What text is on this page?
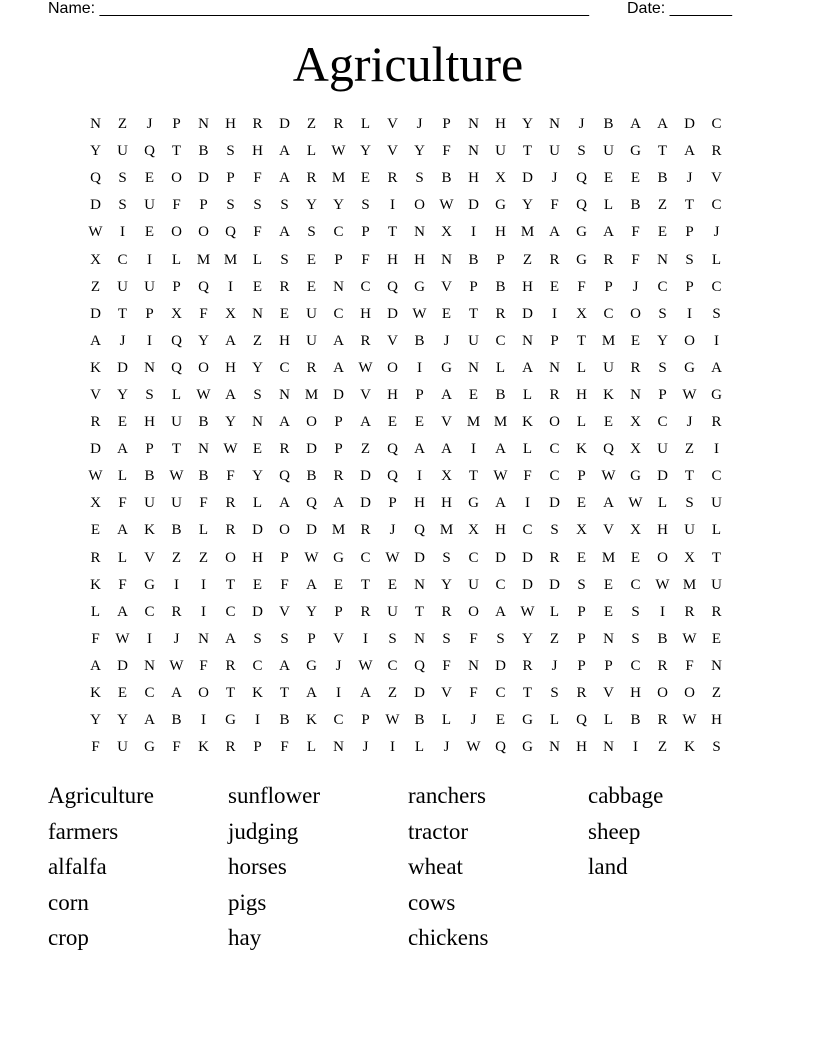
Name: _______________________________________________________ Date: _______
Agriculture
N	Z	J	P	N	H	R	D	Z	R	L	V	J	P	N	H	Y	N	J	B	A	A	D	C
Y	U	Q	T	B	S	H	A	L	W Y	V	Y	F	N	U	T	U	S	U	G	T	A	R
Q	S	E	O	D	P	F	A	R	M	E	R	S	B	H	X	D	J	Q	E	E	B	J	V
D	S	U	F	P	S	S	S	Y	Y	S	I	O W D	G	Y	F	Q	L	B	Z	T	C
W	I	E	O	O	Q	F	A	S	C	P	T	N	X	I	H M A	G	A	F	E	P	J
X	C	I	L	M M	L	S	E	P	F	H	H	N	B	P	Z	R	G	R	F	N	S	L
Z	U	U	P	Q	I	E	R	E	N	C	Q	G	V	P	B	H	E	F	P	J	C	P	C
D	T	P	X	F	X	N	E	U	C	H	D W	E	T	R	D	I	X	C	O	S	I	S
A	J	I	Q	Y	A	Z	H	U	A	R	V	B	J	U	C	N	P	T	M	E	Y	O	I
K	D	N	Q	O	H	Y	C	R	A W O	I	G	N	L	A	N	L	U	R	S	G	A
V	Y	S	L	W A	S	N M D	V	H	P	A	E	B	L	R	H	K	N	P	W G
R	E	H	U	B	Y	N	A	O	P	A	E	E	V M M K	O	L	E	X	C	J	R
D	A	P	T	N W	E	R	D	P	Z	Q	A	A	I	A	L	C	K	Q	X	U	Z	I
W	L	B W B	F	Y	Q	B	R	D	Q	I	X	T	W	F	C	P	W G	D	T	C
X	F	U	U	F	R	L	A	Q	A	D	P	H	H	G	A	I	D	E	A W	L	S	U
E	A	K	B	L	R	D	O	D M	R	J	Q M X	H	C	S	X	V	X	H	U	L
R	L	V	Z	Z	O	H	P	W G	C W D	S	C	D	D	R	E	M	E	O	X	T
K	F	G	I	I	T	E	F	A	E	T	E	N	Y	U	C	D	D	S	E	C W M U
L	A	C	R	I	C	D	V	Y	P	R	U	T	R	O	A W	L	P	E	S	I	R	R
F	W	I	J	N	A	S	S	P	V	I	S	N	S	F	S	Y	Z	P	N	S	B W	E
A	D	N W	F	R	C	A	G	J	W C	Q	F	N	D	R	J	P	P	C	R	F	N
K	E	C	A	O	T	K	T	A	I	A	Z	D	V	F	C	T	S	R	V	H	O	O	Z
Y	Y	A	B	I	G	I	B	K	C	P	W B	L	J	E	G	L	Q	L	B	R W H
F	U	G	F	K	R	P	F	L	N	J	I	L	J	W Q	G	N	H	N	I	Z	K	S
Agriculture
farmers
alfalfa
corn
crop
sunflower
judging
horses
pigs
hay
ranchers
tractor
wheat
cows
chickens
cabbage
sheep
land
